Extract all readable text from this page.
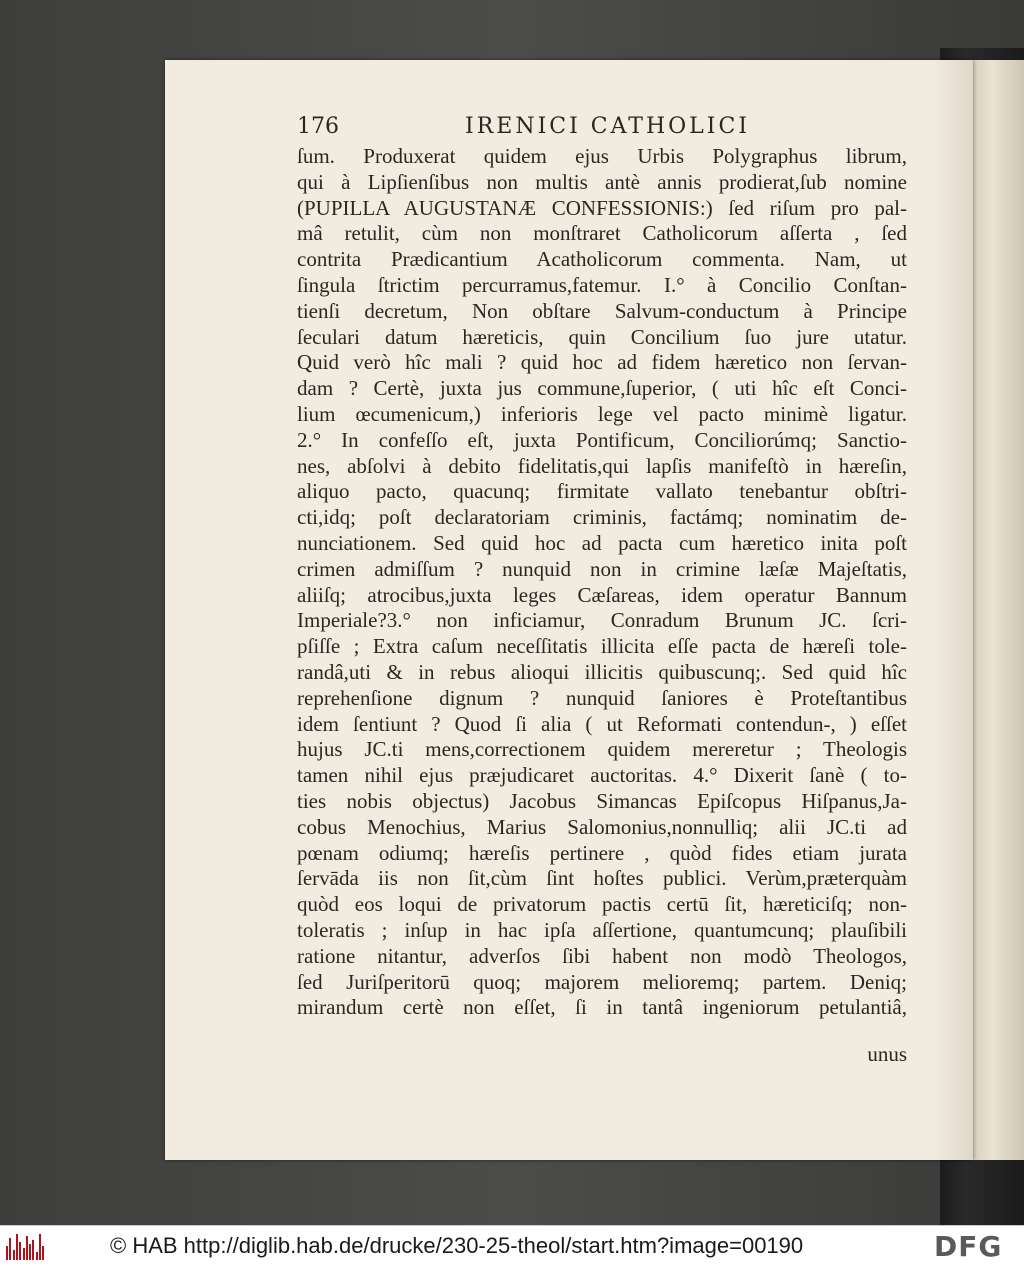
176	IRENICI CATHOLICI
ſum. Produxerat quidem ejus Urbis Polygraphus librum,
qui à Lipſienſibus non multis antè annis prodierat,ſub nomine
(PUPILLA AUGUSTANÆ CONFESSIONIS:) ſed riſum pro pal-
mâ retulit, cùm non monſtraret Catholicorum aſſerta , ſed
contrita Prædicantium Acatholicorum commenta. Nam, ut
ſingula ſtrictim percurramus,fatemur. I.° à Concilio Conſtan-
tienſi decretum, Non obſtare Salvum-conductum à Principe
ſeculari datum hæreticis, quin Concilium ſuo jure utatur.
Quid verò hîc mali ? quid hoc ad fidem hæretico non ſervan-
dam ? Certè, juxta jus commune,ſuperior, ( uti hîc eſt Conci-
lium œcumenicum,) inferioris lege vel pacto minimè ligatur.
2.° In confeſſo eſt, juxta Pontificum, Conciliorúmq; Sanctio-
nes, abſolvi à debito fidelitatis,qui lapſis manifeſtò in hæreſin,
aliquo pacto, quacunq; firmitate vallato tenebantur obſtri-
cti,idq; poſt declaratoriam criminis, factámq; nominatim de-
nunciationem. Sed quid hoc ad pacta cum hæretico inita poſt
crimen admiſſum ? nunquid non in crimine læſæ Majeſtatis,
aliiſq; atrocibus,juxta leges Cæſareas, idem operatur Bannum
Imperiale?3.° non inficiamur, Conradum Brunum JC. ſcri-
pſiſſe ; Extra caſum neceſſitatis illicita eſſe pacta de hæreſi tole-
randâ,uti & in rebus alioqui illicitis quibuscunq;. Sed quid hîc
reprehenſione dignum ? nunquid ſaniores è Proteſtantibus
idem ſentiunt ? Quod ſi alia ( ut Reformati contendun‑, ) eſſet
hujus JC.ti mens,correctionem quidem mereretur ; Theologis
tamen nihil ejus præjudicaret auctoritas. 4.° Dixerit ſanè ( to-
ties nobis objectus) Jacobus Simancas Epiſcopus Hiſpanus,Ja-
cobus Menochius, Marius Salomonius,nonnulliq; alii JC.ti ad
pœnam odiumq; hæreſis pertinere , quòd fides etiam jurata
ſervāda iis non ſit,cùm ſint hoſtes publici. Verùm,præterquàm
quòd eos loqui de privatorum pactis certū ſit, hæreticiſq; non-
toleratis ; inſup in hac ipſa aſſertione, quantumcunq; plauſibili
ratione nitantur, adverſos ſibi habent non modò Theologos,
ſed Juriſperitorū quoq; majorem melioremq; partem. Deniq;
mirandum certè non eſſet, ſi in tantâ ingeniorum petulantiâ,
unus
© HAB http://diglib.hab.de/drucke/230-25-theol/start.htm?image=00190	DFG
